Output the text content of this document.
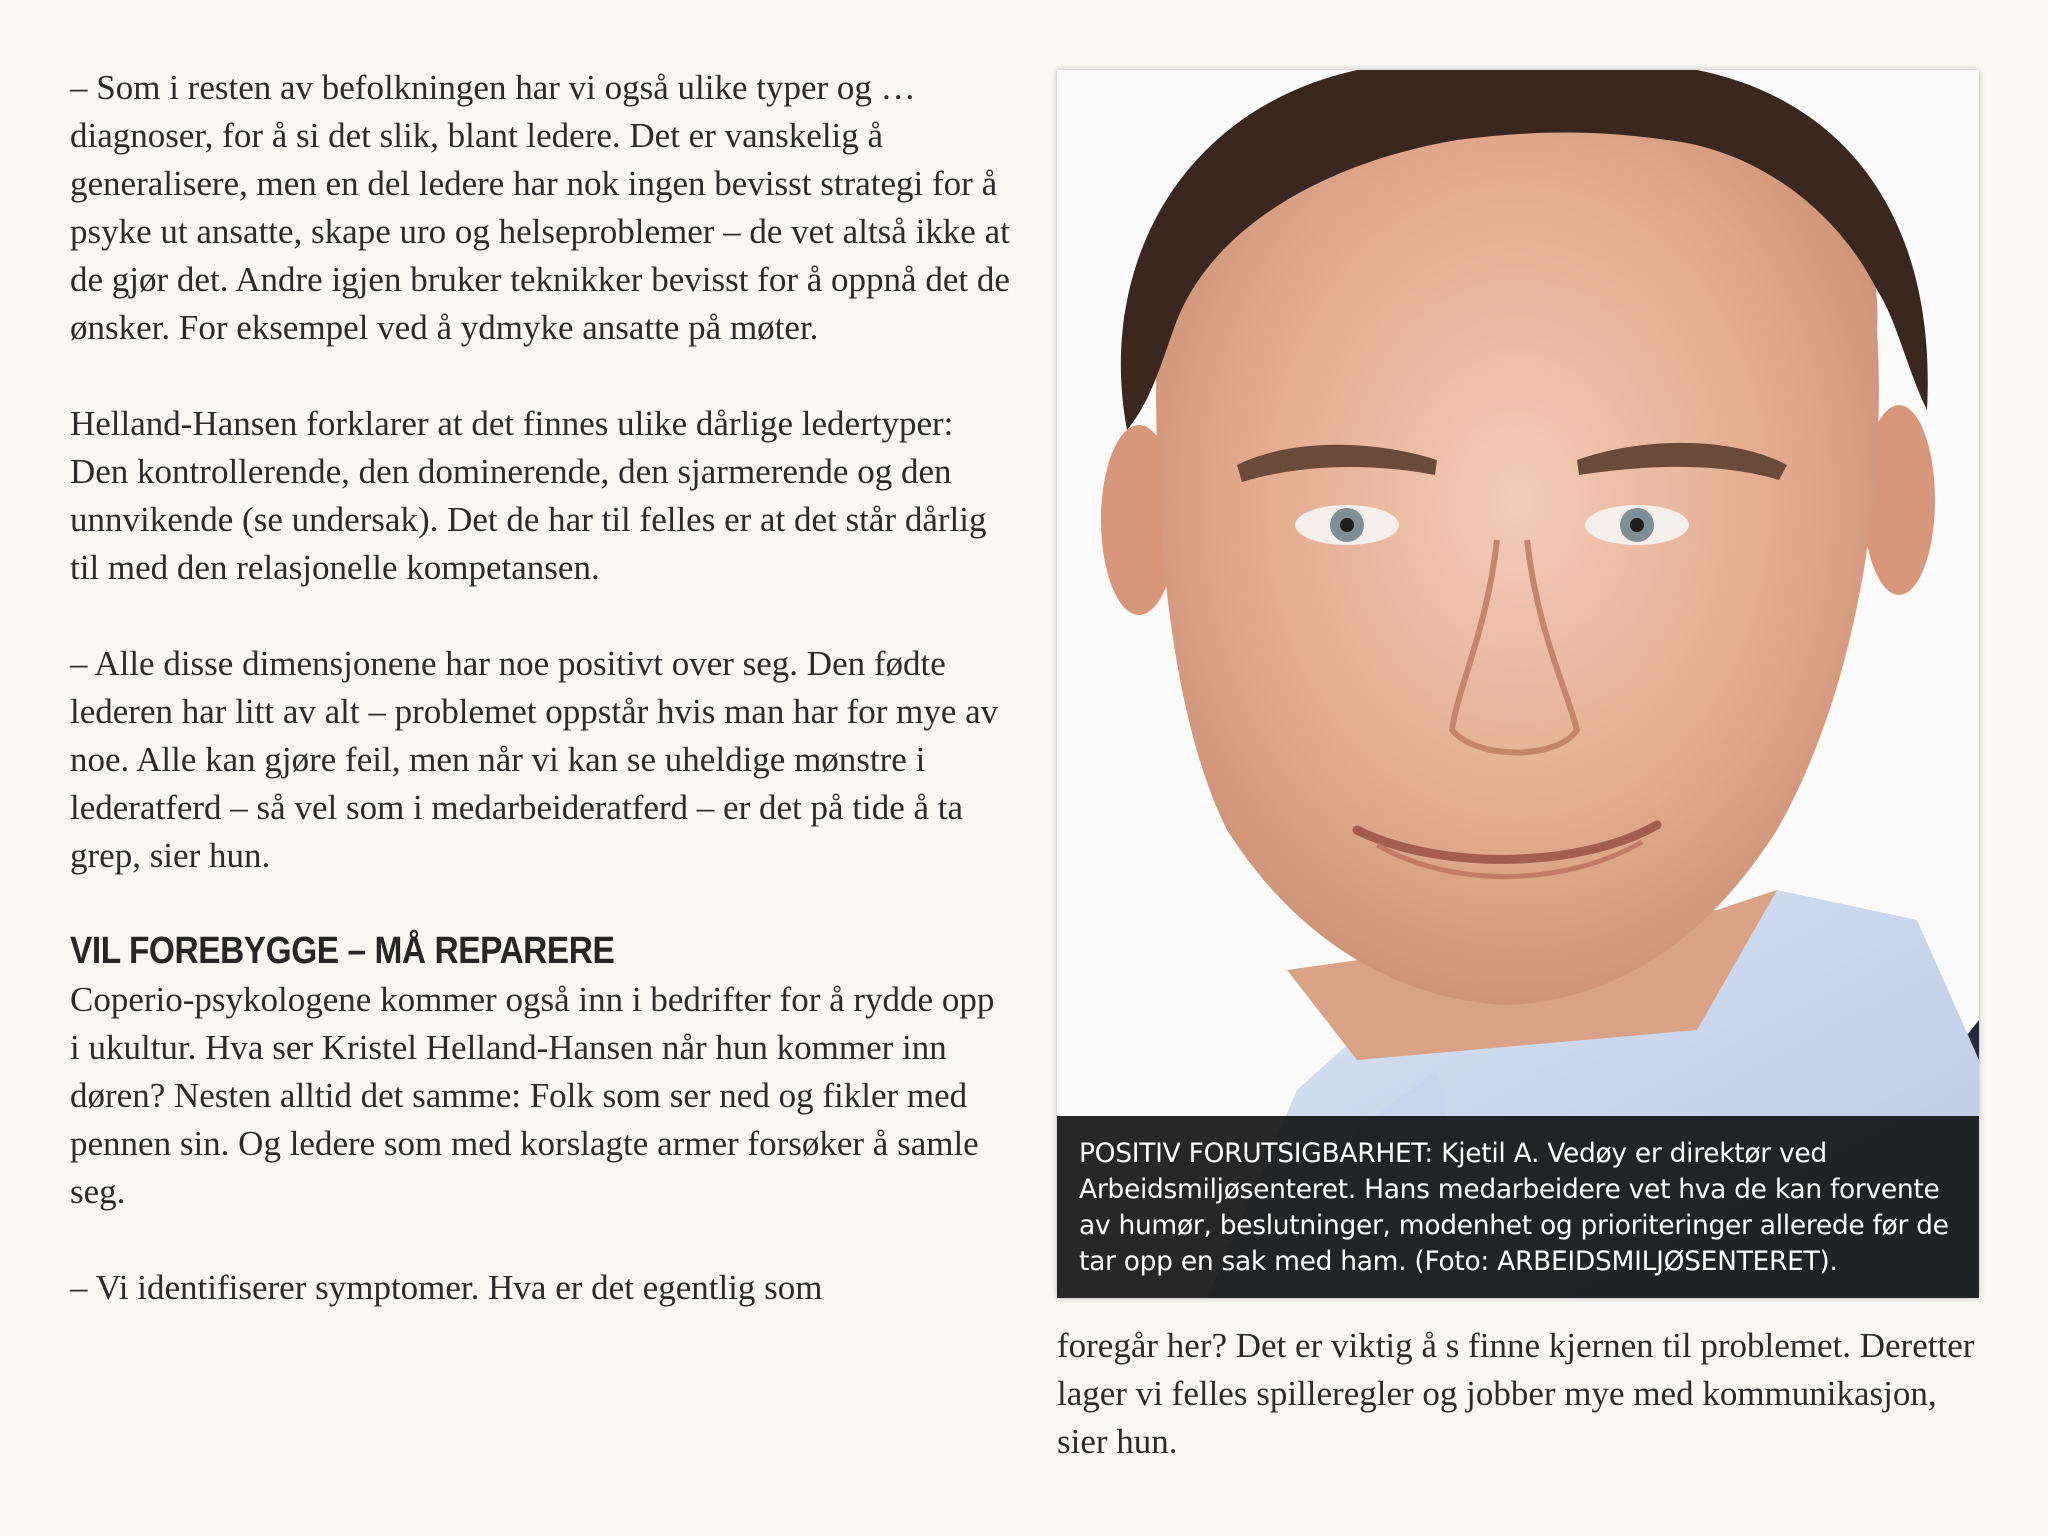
– Som i resten av befolkningen har vi også ulike typer og … diagnoser, for å si det slik, blant ledere. Det er vanskelig å generalisere, men en del ledere har nok ingen bevisst strategi for å psyke ut ansatte, skape uro og helseproblemer – de vet altså ikke at de gjør det. Andre igjen bruker teknikker bevisst for å oppnå det de ønsker. For eksempel ved å ydmyke ansatte på møter.

Helland-Hansen forklarer at det finnes ulike dårlige ledertyper: Den kontrollerende, den dominerende, den sjarmerende og den unnvikende (se undersak). Det de har til felles er at det står dårlig til med den relasjonelle kompetansen.

– Alle disse dimensjonene har noe positivt over seg. Den fødte lederen har litt av alt – problemet oppstår hvis man har for mye av noe. Alle kan gjøre feil, men når vi kan se uheldige mønstre i lederatferd – så vel som i medarbeideratferd – er det på tide å ta grep, sier hun.

VIL FOREBYGGE – MÅ REPARERE

Coperio-psykologene kommer også inn i bedrifter for å rydde opp i ukultur. Hva ser Kristel Helland-Hansen når hun kommer inn døren? Nesten alltid det samme: Folk som ser ned og fikler med pennen sin. Og ledere som med korslagte armer forsøker å samle seg.

– Vi identifiserer symptomer. Hva er det egentlig som

POSITIV FORUTSIGBARHET: Kjetil A. Vedøy er direktør ved Arbeidsmiljøsenteret. Hans medarbeidere vet hva de kan forvente av humør, beslutninger, modenhet og prioriteringer allerede før de tar opp en sak med ham. (Foto: ARBEIDSMILJØSENTERET).

foregår her? Det er viktig å s finne kjernen til problemet. Deretter lager vi felles spilleregler og jobber mye med kommunikasjon, sier hun.
